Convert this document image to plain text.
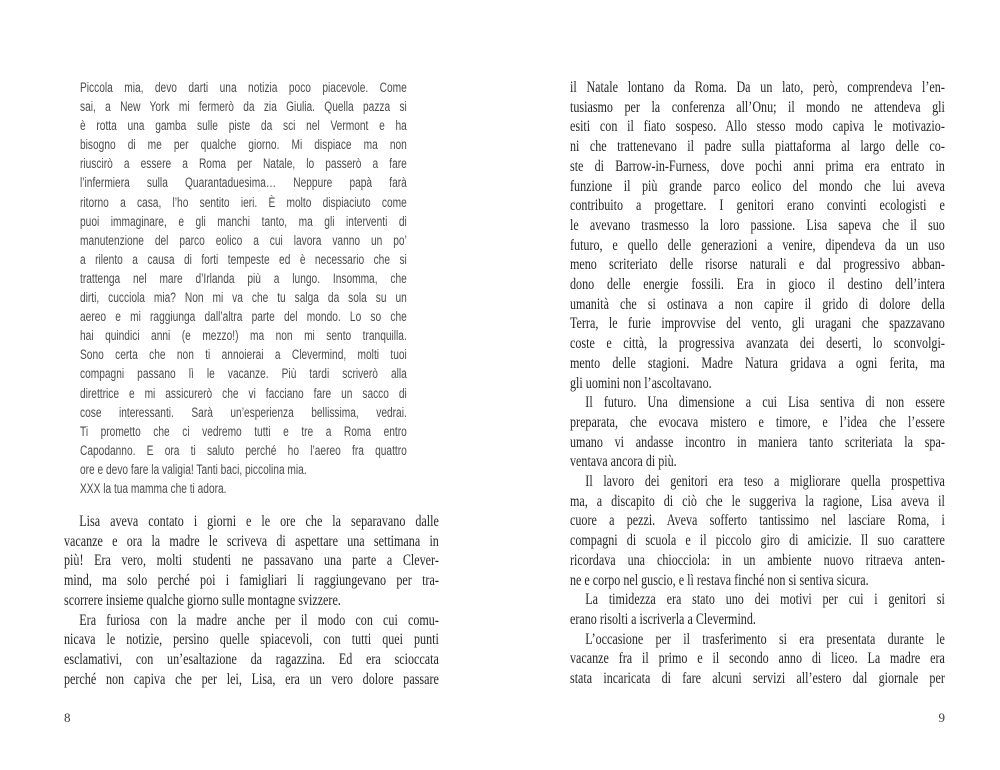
Piccola mia, devo darti una notizia poco piacevole. Come
sai, a New York mi fermerò da zia Giulia. Quella pazza si
è rotta una gamba sulle piste da sci nel Vermont e ha
bisogno di me per qualche giorno. Mi dispiace ma non
riuscirò a essere a Roma per Natale, lo passerò a fare
l’infermiera sulla Quarantaduesima… Neppure papà farà
ritorno a casa, l’ho sentito ieri. È molto dispiaciuto come
puoi immaginare, e gli manchi tanto, ma gli interventi di
manutenzione del parco eolico a cui lavora vanno un po’
a rilento a causa di forti tempeste ed è necessario che si
trattenga nel mare d’Irlanda più a lungo. Insomma, che
dirti, cucciola mia? Non mi va che tu salga da sola su un
aereo e mi raggiunga dall’altra parte del mondo. Lo so che
hai quindici anni (e mezzo!) ma non mi sento tranquilla.
Sono certa che non ti annoierai a Clevermind, molti tuoi
compagni passano lì le vacanze. Più tardi scriverò alla
direttrice e mi assicurerò che vi facciano fare un sacco di
cose interessanti. Sarà un’esperienza bellissima, vedrai.
Ti prometto che ci vedremo tutti e tre a Roma entro
Capodanno. E ora ti saluto perché ho l’aereo fra quattro
ore e devo fare la valigia! Tanti baci, piccolina mia.
XXX la tua mamma che ti adora.
Lisa aveva contato i giorni e le ore che la separavano dalle
vacanze e ora la madre le scriveva di aspettare una settimana in
più! Era vero, molti studenti ne passavano una parte a Clever-
mind, ma solo perché poi i famigliari li raggiungevano per tra-
scorrere insieme qualche giorno sulle montagne svizzere.
Era furiosa con la madre anche per il modo con cui comu-
nicava le notizie, persino quelle spiacevoli, con tutti quei punti
esclamativi, con un’esaltazione da ragazzina. Ed era scioccata
perché non capiva che per lei, Lisa, era un vero dolore passare
il Natale lontano da Roma. Da un lato, però, comprendeva l’en-
tusiasmo per la conferenza all’Onu; il mondo ne attendeva gli
esiti con il fiato sospeso. Allo stesso modo capiva le motivazio-
ni che trattenevano il padre sulla piattaforma al largo delle co-
ste di Barrow-in-Furness, dove pochi anni prima era entrato in
funzione il più grande parco eolico del mondo che lui aveva
contribuito a progettare. I genitori erano convinti ecologisti e
le avevano trasmesso la loro passione. Lisa sapeva che il suo
futuro, e quello delle generazioni a venire, dipendeva da un uso
meno scriteriato delle risorse naturali e dal progressivo abban-
dono delle energie fossili. Era in gioco il destino dell’intera
umanità che si ostinava a non capire il grido di dolore della
Terra, le furie improvvise del vento, gli uragani che spazzavano
coste e città, la progressiva avanzata dei deserti, lo sconvolgi-
mento delle stagioni. Madre Natura gridava a ogni ferita, ma
gli uomini non l’ascoltavano.
Il futuro. Una dimensione a cui Lisa sentiva di non essere
preparata, che evocava mistero e timore, e l’idea che l’essere
umano vi andasse incontro in maniera tanto scriteriata la spa-
ventava ancora di più.
Il lavoro dei genitori era teso a migliorare quella prospettiva
ma, a discapito di ciò che le suggeriva la ragione, Lisa aveva il
cuore a pezzi. Aveva sofferto tantissimo nel lasciare Roma, i
compagni di scuola e il piccolo giro di amicizie. Il suo carattere
ricordava una chiocciola: in un ambiente nuovo ritraeva anten-
ne e corpo nel guscio, e lì restava finché non si sentiva sicura.
La timidezza era stato uno dei motivi per cui i genitori si
erano risolti a iscriverla a Clevermind.
L’occasione per il trasferimento si era presentata durante le
vacanze fra il primo e il secondo anno di liceo. La madre era
stata incaricata di fare alcuni servizi all’estero dal giornale per
8	9
